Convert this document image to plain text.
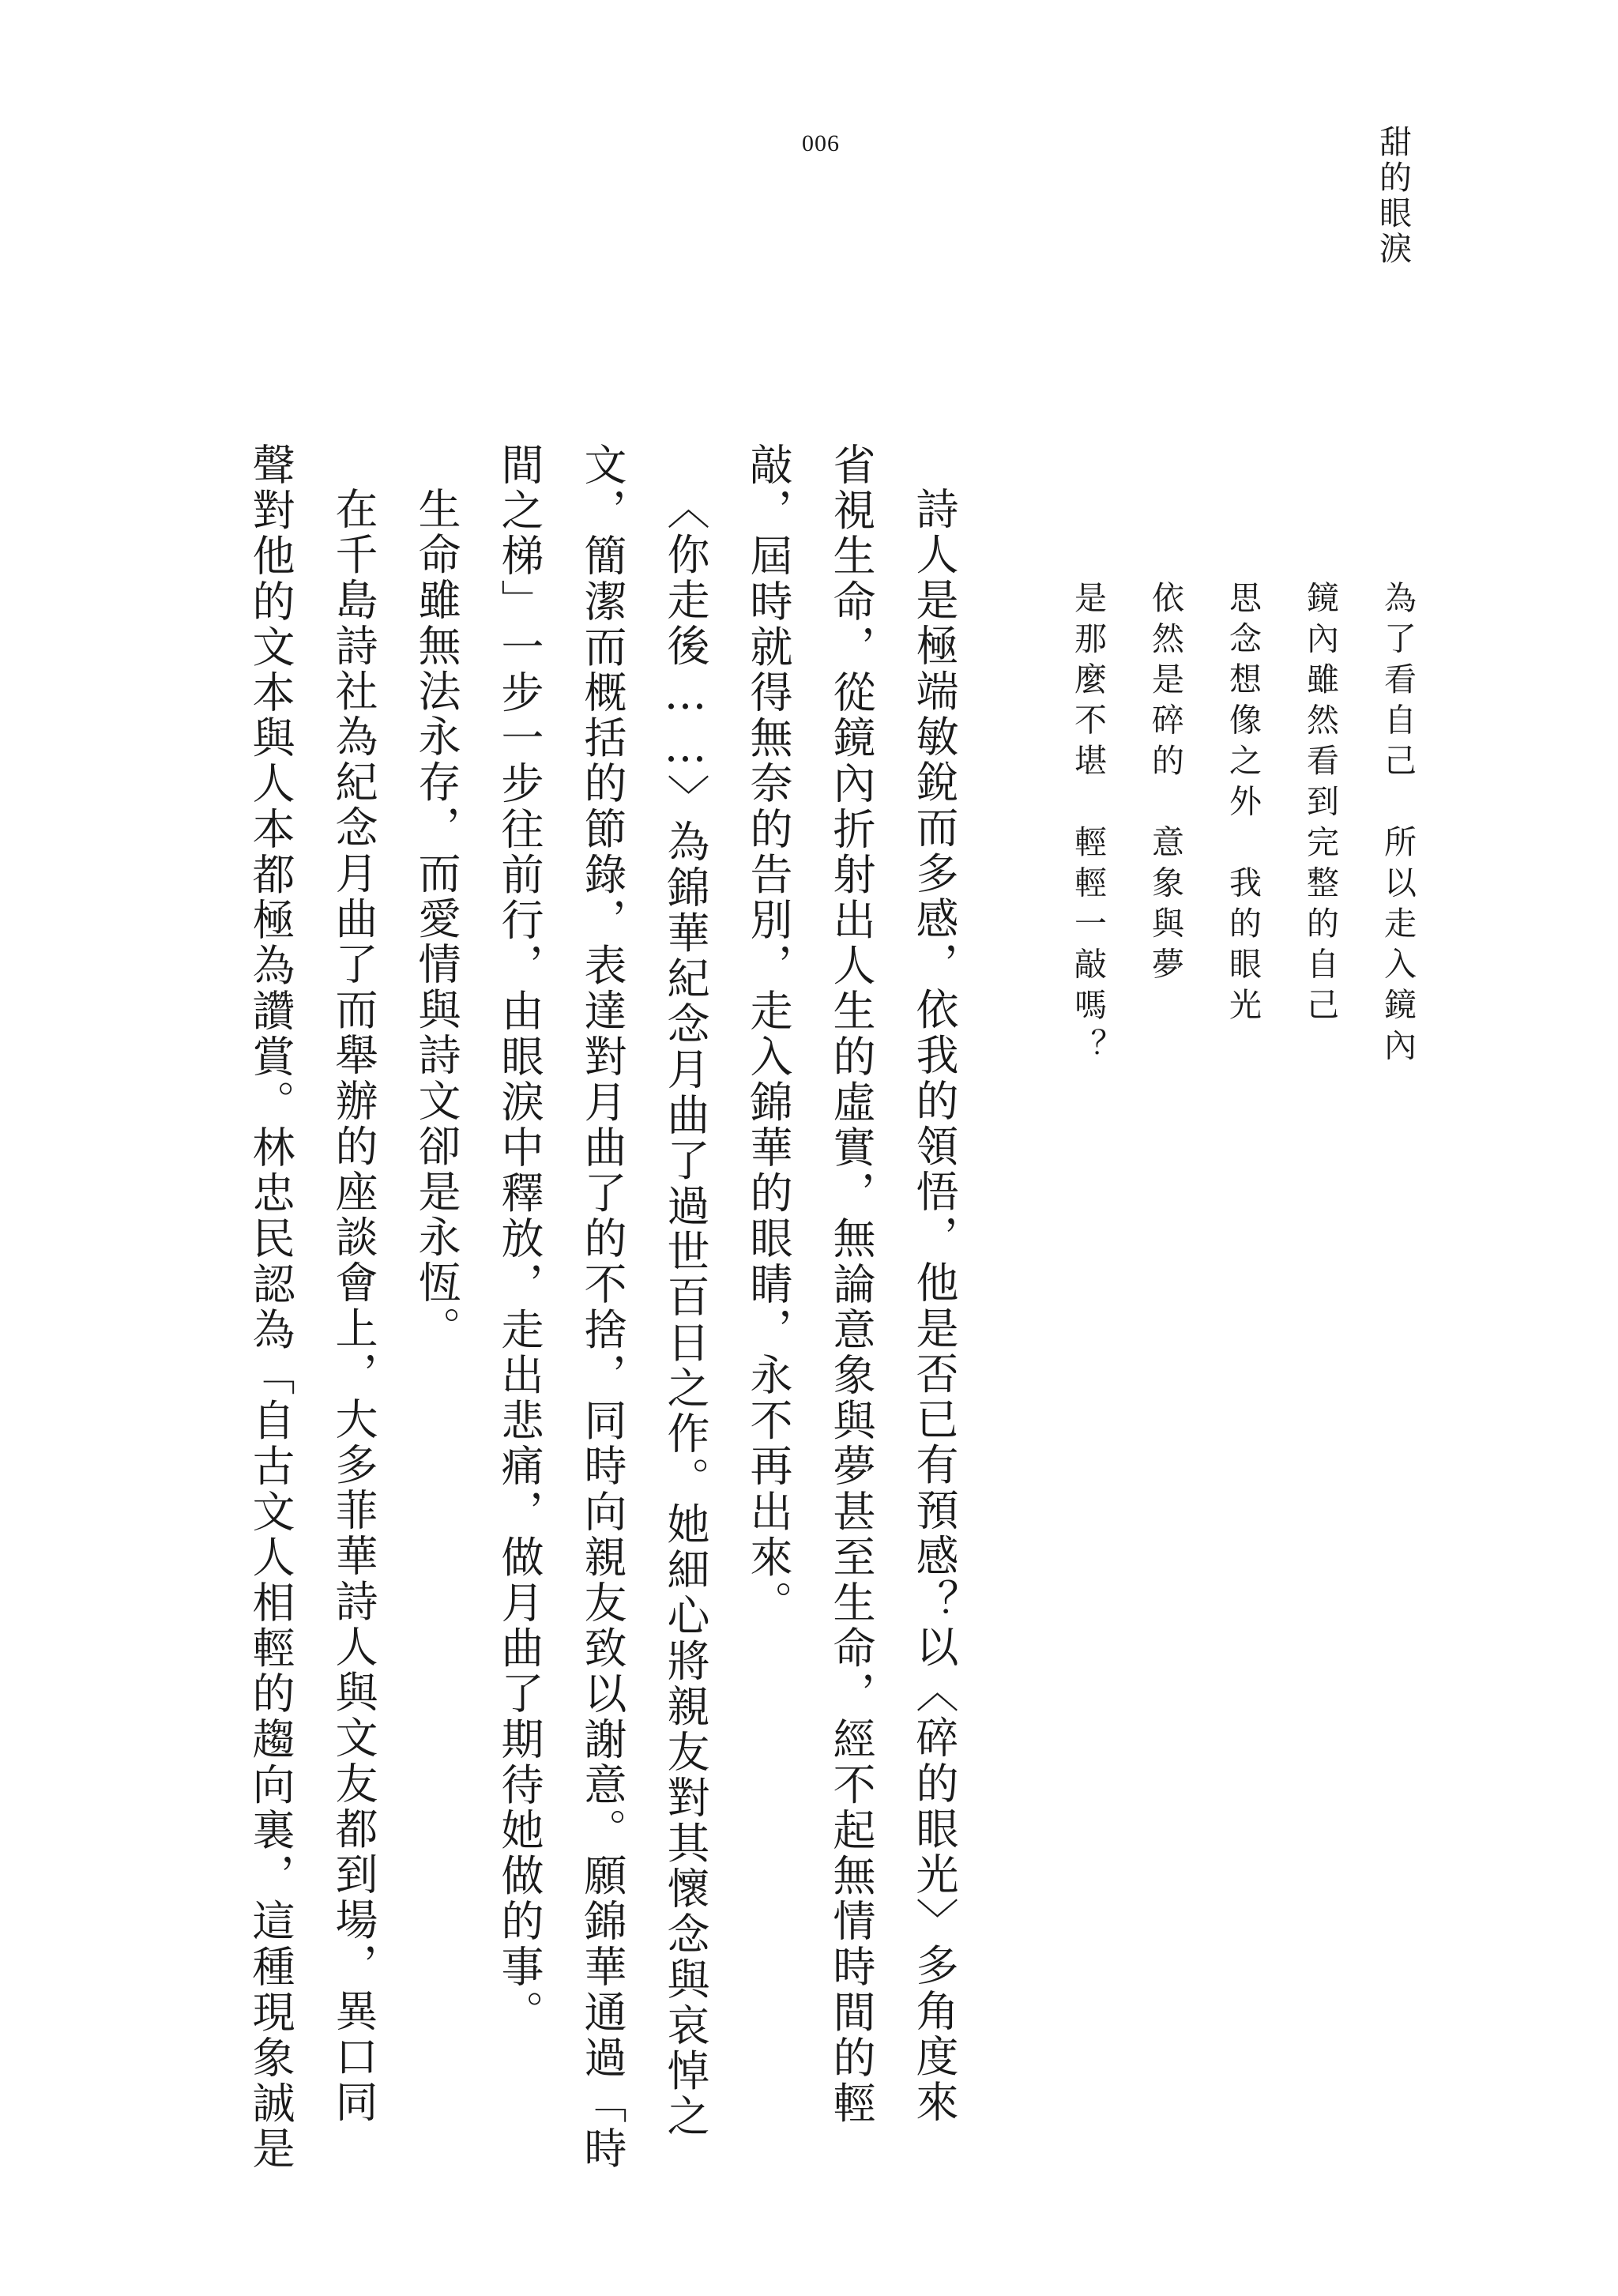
甜的眼淚
006
為了看自己　所以走入鏡內
鏡內雖然看到完整的自己
思念想像之外　我的眼光
依然是碎的　意象與夢
是那麼不堪　輕輕一敲嗎？
詩人是極端敏銳而多感，依我的領悟，他是否已有預感？以〈碎的眼光〉多角度來
省視生命，從鏡內折射出人生的虛實，無論意象與夢甚至生命，經不起無情時間的輕
敲，屆時就得無奈的告別，走入錦華的眼睛，永不再出來。
〈你走後……〉為錦華紀念月曲了過世百日之作。她細心將親友對其懷念與哀悼之
文，簡潔而概括的節錄，表達對月曲了的不捨，同時向親友致以謝意。願錦華通過「時
間之梯」一步一步往前行，由眼淚中釋放，走出悲痛，做月曲了期待她做的事。
生命雖無法永存，而愛情與詩文卻是永恆。
在千島詩社為紀念月曲了而舉辦的座談會上，大多菲華詩人與文友都到場，異口同
聲對他的文本與人本都極為讚賞。林忠民認為「自古文人相輕的趨向裏，這種現象誠是
